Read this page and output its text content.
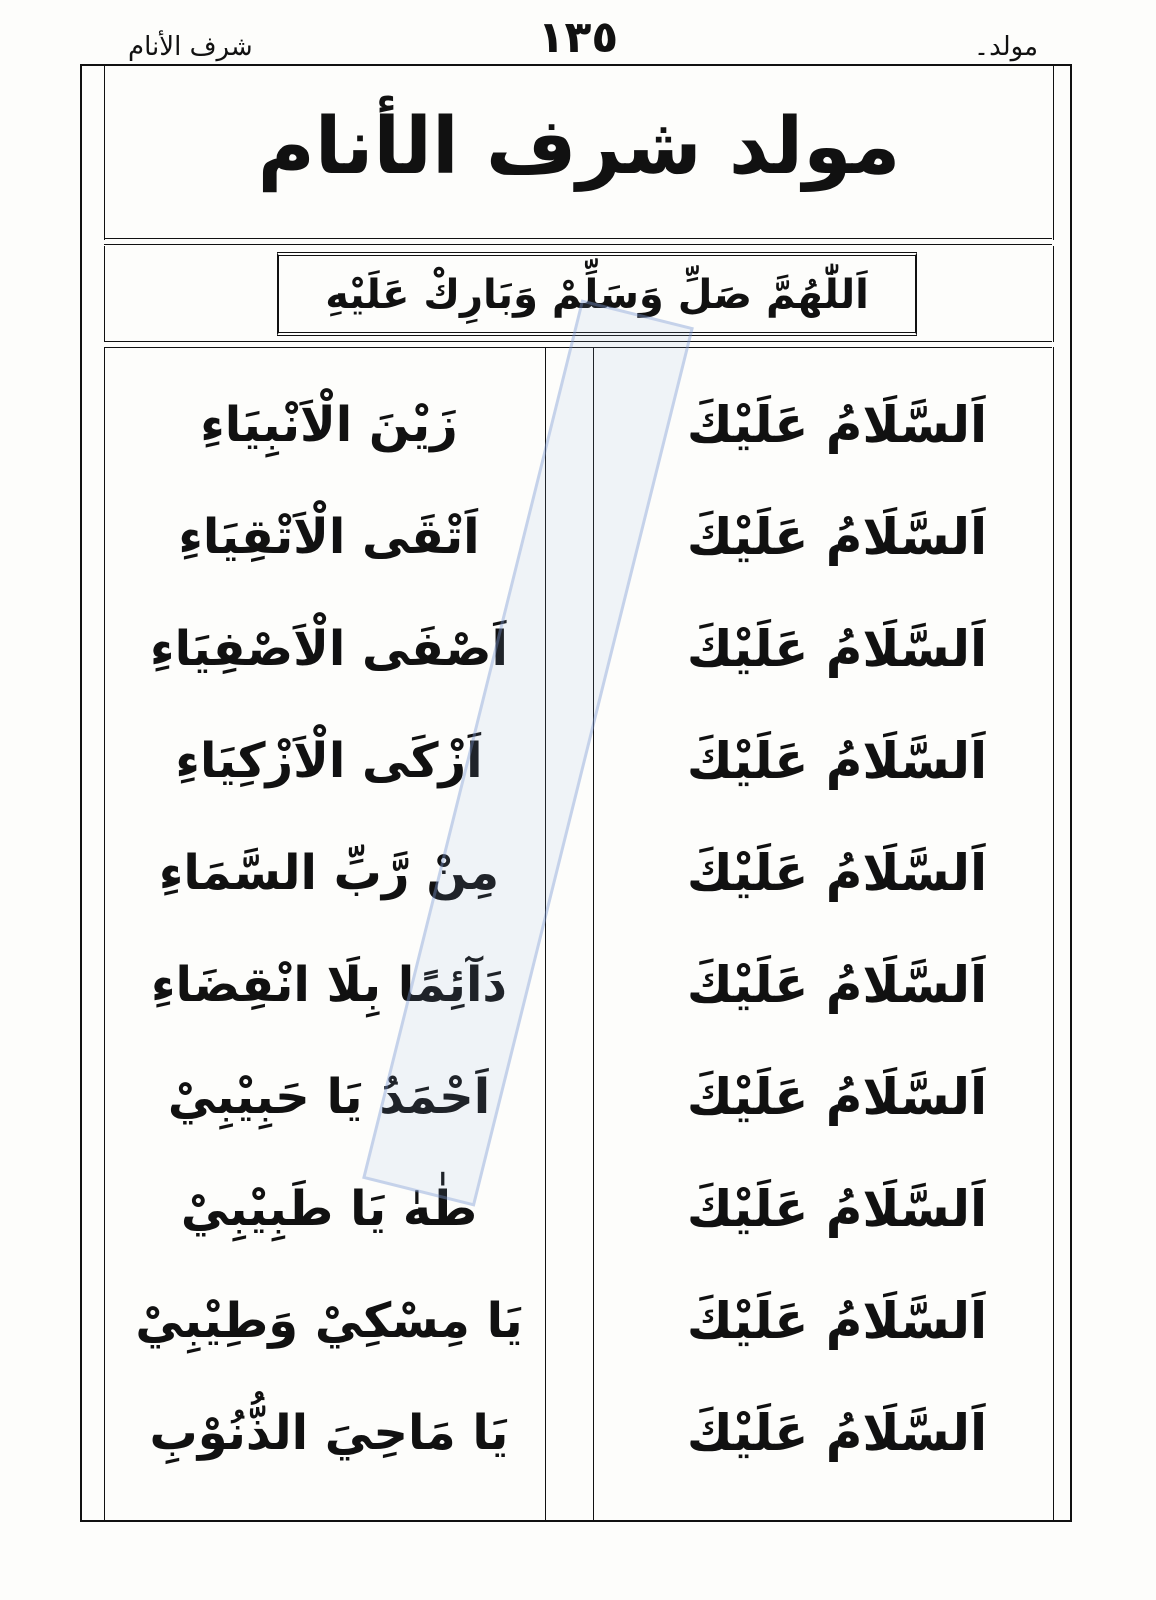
شرف الأنام	١٣٥	مولد۔
مولد شرف الأنام
اَللّٰهُمَّ صَلِّ وَسَلِّمْ وَبَارِكْ عَلَيْهِ
زَيْنَ الْاَنْبِيَاءِ	اَلسَّلَامُ عَلَيْكَ
اَتْقَى الْاَتْقِيَاءِ	اَلسَّلَامُ عَلَيْكَ
اَصْفَى الْاَصْفِيَاءِ	اَلسَّلَامُ عَلَيْكَ
اَزْكَى الْاَزْكِيَاءِ	اَلسَّلَامُ عَلَيْكَ
مِنْ رَّبِّ السَّمَاءِ	اَلسَّلَامُ عَلَيْكَ
دَآئِمًا بِلَا انْقِضَاءِ	اَلسَّلَامُ عَلَيْكَ
اَحْمَدُ يَا حَبِيْبِيْ	اَلسَّلَامُ عَلَيْكَ
طٰهٰ يَا طَبِيْبِيْ	اَلسَّلَامُ عَلَيْكَ
يَا مِسْكِيْ وَطِيْبِيْ	اَلسَّلَامُ عَلَيْكَ
يَا مَاحِيَ الذُّنُوْبِ	اَلسَّلَامُ عَلَيْكَ
